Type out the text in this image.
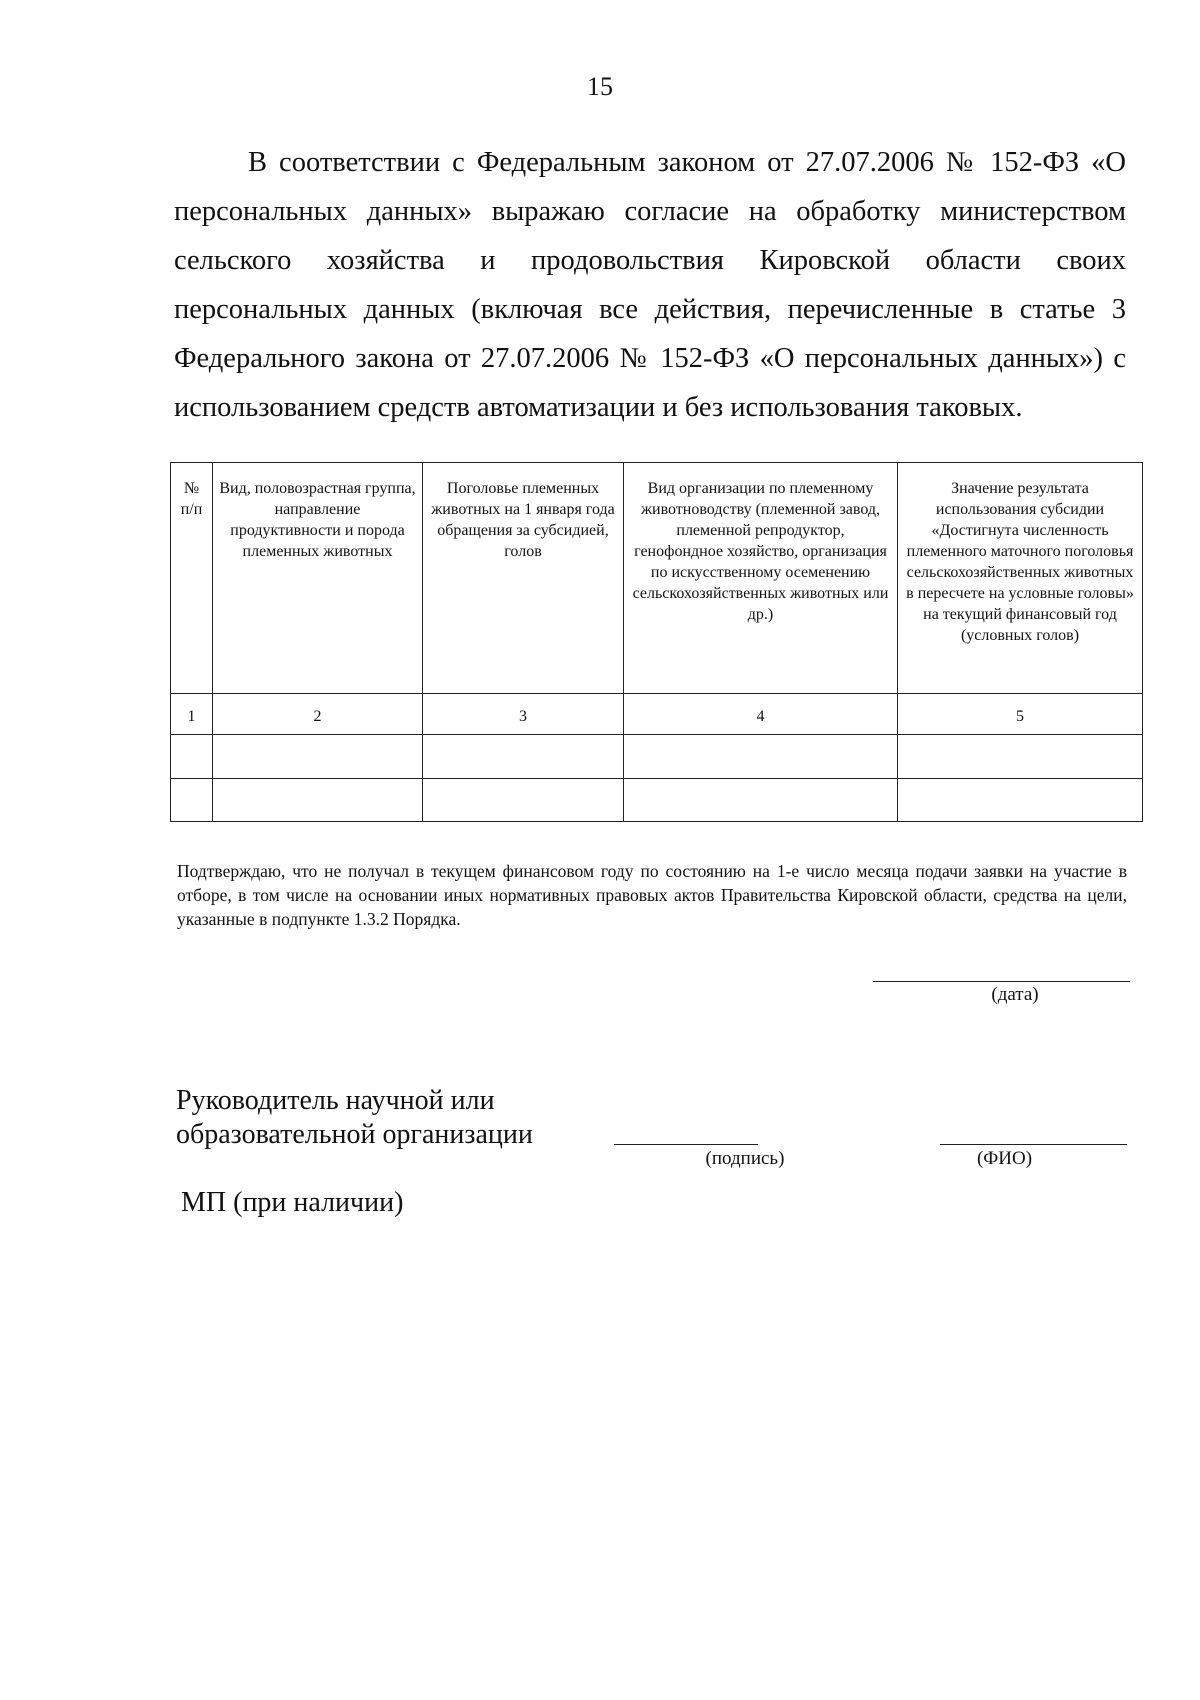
15

В соответствии с Федеральным законом от 27.07.2006 № 152-ФЗ «О персональных данных» выражаю согласие на обработку министерством сельского хозяйства и продовольствия Кировской области своих персональных данных (включая все действия, перечисленные в статье 3 Федерального закона от 27.07.2006 № 152-ФЗ «О персональных данных») с использованием средств автоматизации и без использования таковых.

№ п/п	Вид, половозрастная группа, направление продуктивности и порода племенных животных	Поголовье племенных животных на 1 января года обращения за субсидией, голов	Вид организации по племенному животноводству (племенной завод, племенной репродуктор, генофондное хозяйство, организация по искусственному осеменению сельскохозяйственных животных или др.)	Значение результата использования субсидии «Достигнута численность племенного маточного поголовья сельскохозяйственных животных в пересчете на условные головы» на текущий финансовый год (условных голов)
1	2	3	4	5

Подтверждаю, что не получал в текущем финансовом году по состоянию на 1-е число месяца подачи заявки на участие в отборе, в том числе на основании иных нормативных правовых актов Правительства Кировской области, средства на цели, указанные в подпункте 1.3.2 Порядка.

(дата)
Руководитель научной или
образовательной организации
(подпись)	(ФИО)
МП (при наличии)
